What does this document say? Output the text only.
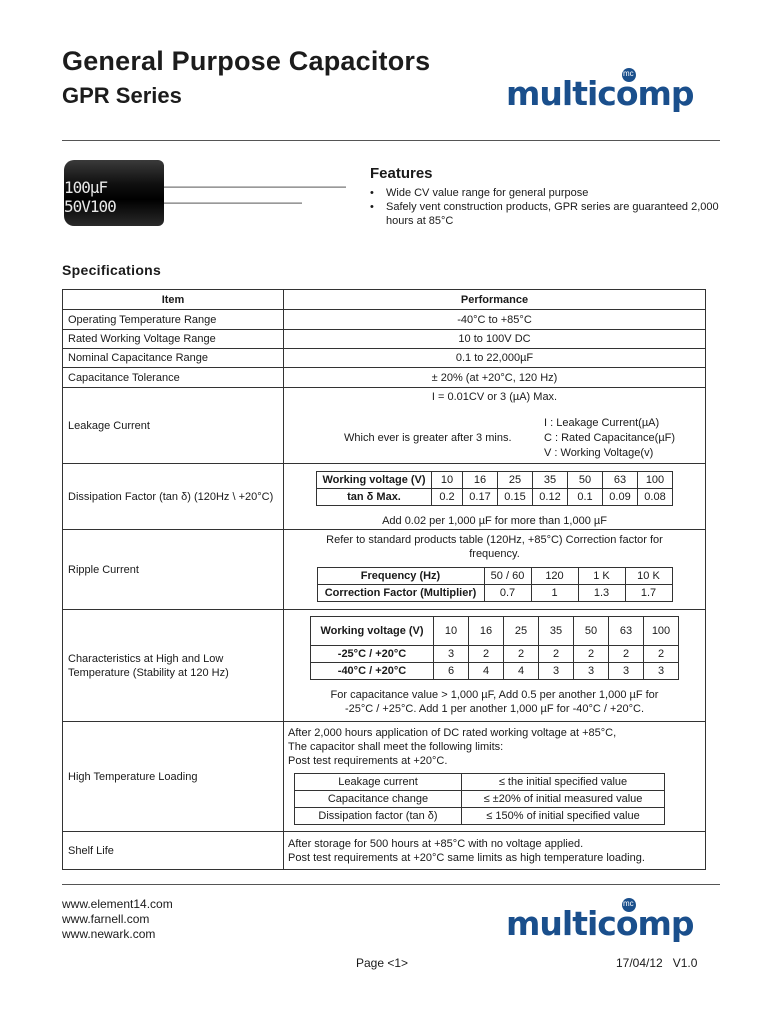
General Purpose Capacitors
GPR Series mc	multicomp
100µF 50V100
Features
• Wide CV value range for general purpose
• Safely vent construction products, GPR series are guaranteed 2,000 hours at 85°C
Specifications
Item	Performance
Operating Temperature Range	-40°C to +85°C
Rated Working Voltage Range	10 to 100V DC
Nominal Capacitance Range	0.1 to 22,000µF
Capacitance Tolerance	± 20% (at +20°C, 120 Hz)
Leakage Current	
I = 0.01CV or 3 (µA) Max.
Which ever is greater after 3 mins.
I : Leakage Current(µA)
C : Rated Capacitance(µF)
V : Working Voltage(v)

Dissipation Factor (tan δ) (120Hz \ +20°C)	
Working voltage (V)	10	16	25	35	50	63	100
tan δ Max.	0.2	0.17	0.15	0.12	0.1	0.09	0.08
Add 0.02 per 1,000 µF for more than 1,000 µF

Ripple Current	
Refer to standard products table (120Hz, +85°C) Correction factor for frequency.
Frequency (Hz)	50 / 60	120	1 K	10 K
Correction Factor (Multiplier)	0.7	1	1.3	1.7

Characteristics at High and Low Temperature (Stability at 120 Hz)	
Working voltage (V)	10	16	25	35	50	63	100
-25°C / +20°C	3	2	2	2	2	2	2
-40°C / +20°C	6	4	4	3	3	3	3
For capacitance value > 1,000 µF, Add 0.5 per another 1,000 µF for
-25°C / +25°C. Add 1 per another 1,000 µF for -40°C / +20°C.

High Temperature Loading	
After 2,000 hours application of DC rated working voltage at +85°C,
The capacitor shall meet the following limits:
Post test requirements at +20°C.
Leakage current	≤ the initial specified value
Capacitance change	≤ ±20% of initial measured value
Dissipation factor (tan δ)	≤ 150% of initial specified value

Shelf Life	
After storage for 500 hours at +85°C with no voltage applied.
Post test requirements at +20°C same limits as high temperature loading.
www.element14.com
www.farnell.com
www.newark.com mc	multicomp
Page <1>	17/04/12 V1.0
